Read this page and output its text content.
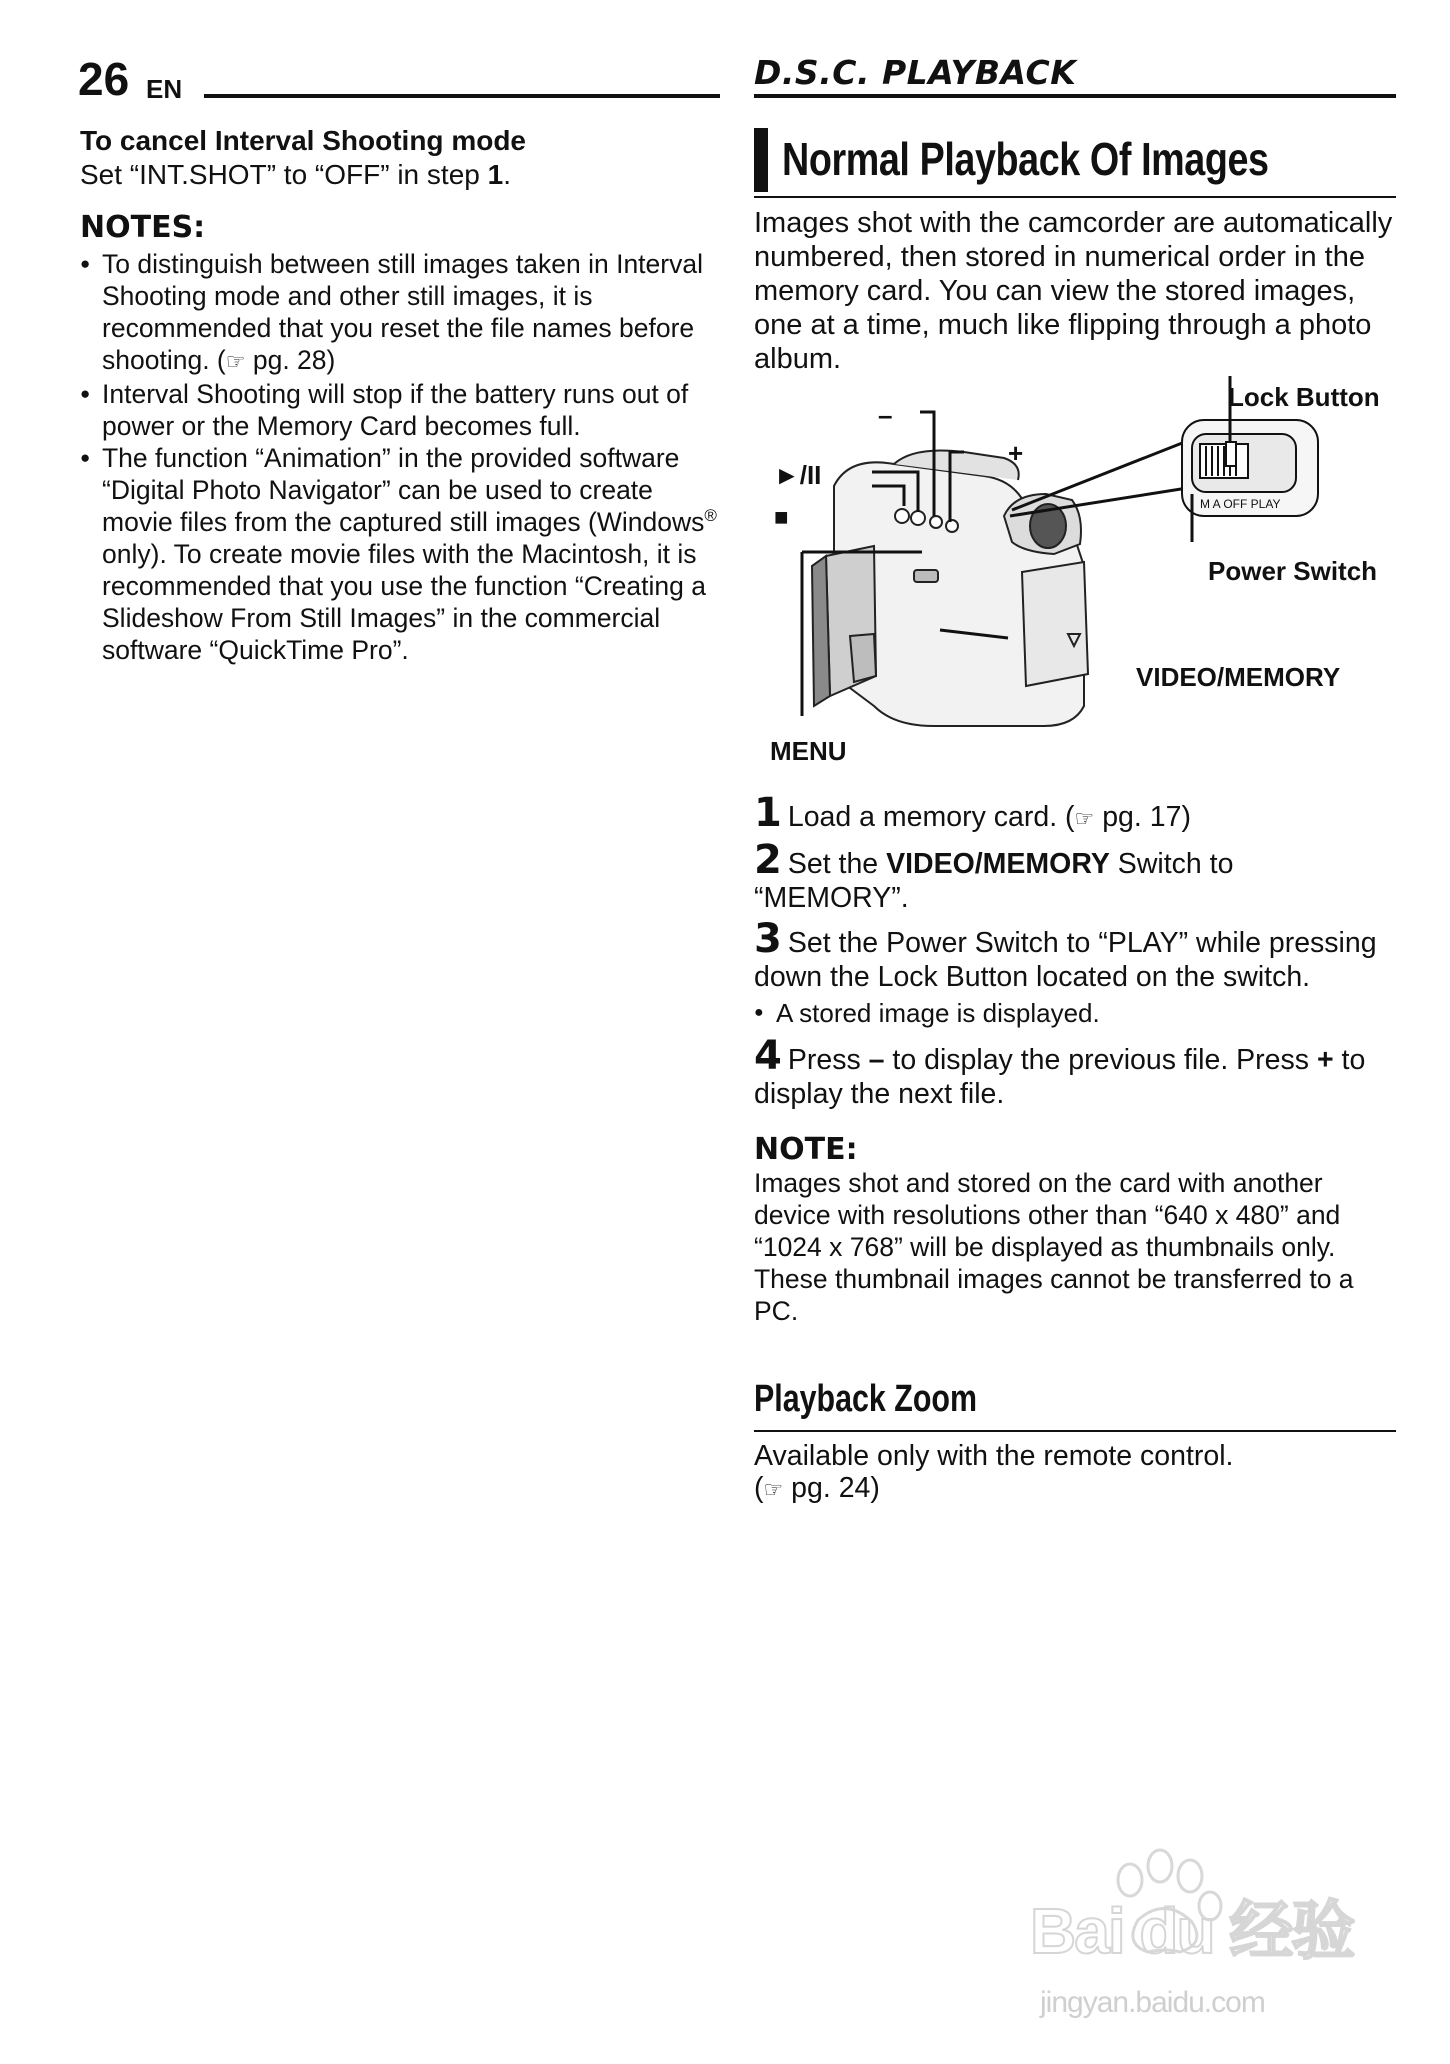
26 EN	D.S.C. PLAYBACK
To cancel Interval Shooting mode
Set “INT.SHOT” to “OFF” in step 1.
NOTES:
● To distinguish between still images taken in Interval Shooting mode and other still images, it is recommended that you reset the file names before shooting. (☞ pg. 28)
● Interval Shooting will stop if the battery runs out of power or the Memory Card becomes full.
● The function “Animation” in the provided software “Digital Photo Navigator” can be used to create movie files from the captured still images (Windows® only). To create movie files with the Macintosh, it is recommended that you use the function “Creating a Slideshow From Still Images” in the commercial software “QuickTime Pro”.
Normal Playback Of Images
Images shot with the camcorder are automatically numbered, then stored in numerical order in the memory card. You can view the stored images, one at a time, much like flipping through a photo album.
M A OFF PLAY
–
+
►/II
■
Lock Button
Power Switch
VIDEO/MEMORY
MENU
1 Load a memory card. (☞ pg. 17)
2 Set the VIDEO/MEMORY Switch to “MEMORY”.
3 Set the Power Switch to “PLAY” while pressing down the Lock Button located on the switch.
● A stored image is displayed.
4 Press – to display the previous file. Press + to display the next file.
NOTE:
Images shot and stored on the card with another device with resolutions other than “640 x 480” and “1024 x 768” will be displayed as thumbnails only. These thumbnail images cannot be transferred to a PC.
Playback Zoom
Available only with the remote control.
(☞ pg. 24)
Bai du 经验
jingyan.baidu.com
